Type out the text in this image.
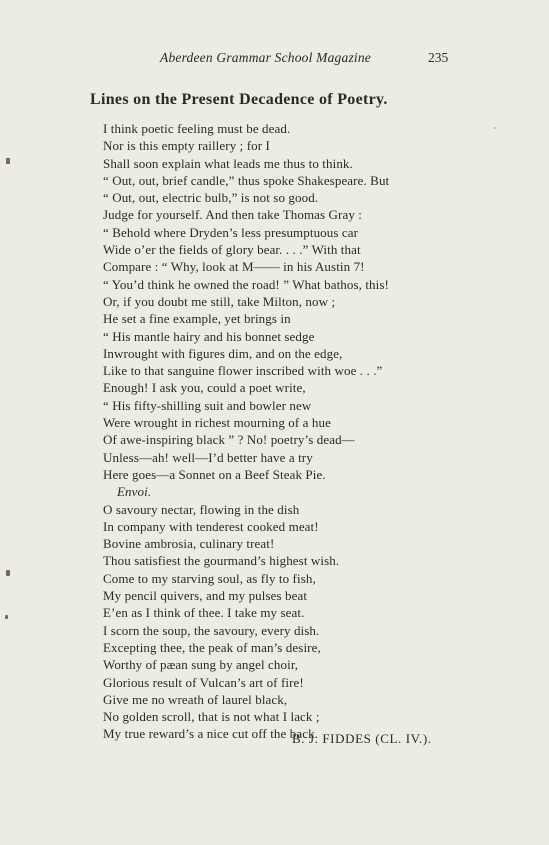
Aberdeen Grammar School Magazine	235
Lines on the Present Decadence of Poetry.
I think poetic feeling must be dead.
Nor is this empty raillery ; for I
Shall soon explain what leads me thus to think.
“ Out, out, brief candle,” thus spoke Shakespeare. But
“ Out, out, electric bulb,” is not so good.
Judge for yourself. And then take Thomas Gray :
“ Behold where Dryden’s less presumptuous car
Wide o’er the fields of glory bear. . . .” With that
Compare : “ Why, look at M—— in his Austin 7!
“ You’d think he owned the road! ” What bathos, this!
Or, if you doubt me still, take Milton, now ;
He set a fine example, yet brings in
“ His mantle hairy and his bonnet sedge
Inwrought with figures dim, and on the edge,
Like to that sanguine flower inscribed with woe . . .”
Enough! I ask you, could a poet write,
“ His fifty-shilling suit and bowler new
Were wrought in richest mourning of a hue
Of awe-inspiring black ” ? No! poetry’s dead—
Unless—ah! well—I’d better have a try
Here goes—a Sonnet on a Beef Steak Pie.
Envoi.
O savoury nectar, flowing in the dish
In company with tenderest cooked meat!
Bovine ambrosia, culinary treat!
Thou satisfiest the gourmand’s highest wish.
Come to my starving soul, as fly to fish,
My pencil quivers, and my pulses beat
E’en as I think of thee. I take my seat.
I scorn the soup, the savoury, every dish.
Excepting thee, the peak of man’s desire,
Worthy of pæan sung by angel choir,
Glorious result of Vulcan’s art of fire!
Give me no wreath of laurel black,
No golden scroll, that is not what I lack ;
My true reward’s a nice cut off the back.
B. J. FIDDES (CL. IV.).
